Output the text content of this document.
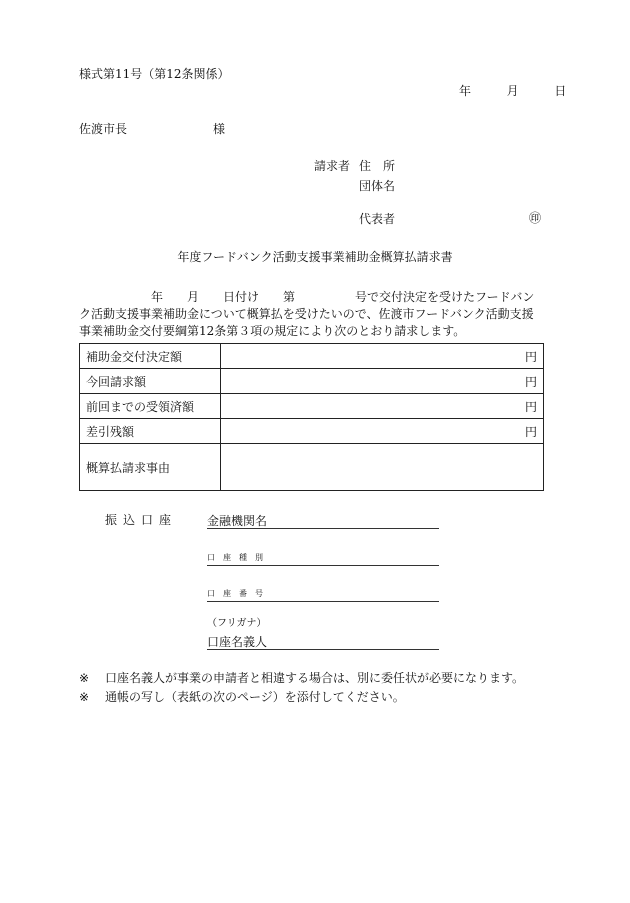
様式第11号（第12条関係）
年	月	日
佐渡市長	様
請求者 住　所
団体名
代表者	㊞
年度フードバンク活動支援事業補助金概算払請求書
　　　　　　年　　月　　日付け　　第　　　　　号で交付決定を受けたフードバン
ク活動支援事業補助金について概算払を受けたいので、佐渡市フードバンク活動支援
事業補助金交付要綱第12条第３項の規定により次のとおり請求します。
補助金交付決定額	円
今回請求額	円
前回までの受領済額	円
差引残額	円
概算払請求事由	
振込口座 金融機関名
口座種別
口座番号
（フリガナ）
口座名義人
※ 口座名義人が事業の申請者と相違する場合は、別に委任状が必要になります。
※ 通帳の写し（表紙の次のページ）を添付してください。
